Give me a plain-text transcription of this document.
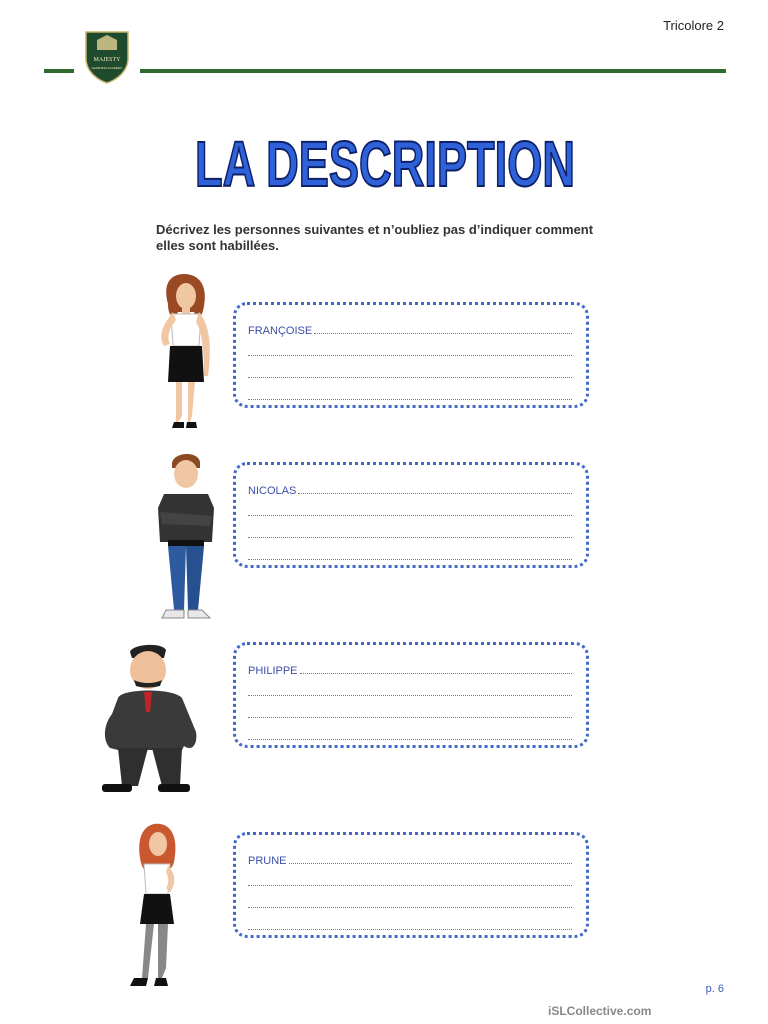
Tricolore 2
MAJESTY
LEARNING ACADEMY
LA DESCRIPTION
Décrivez les personnes suivantes et n’oubliez pas d’indiquer comment elles sont habillées.
FRANÇOISE
NICOLAS
PHILIPPE
PRUNE
p. 6
iSLCollective.com
